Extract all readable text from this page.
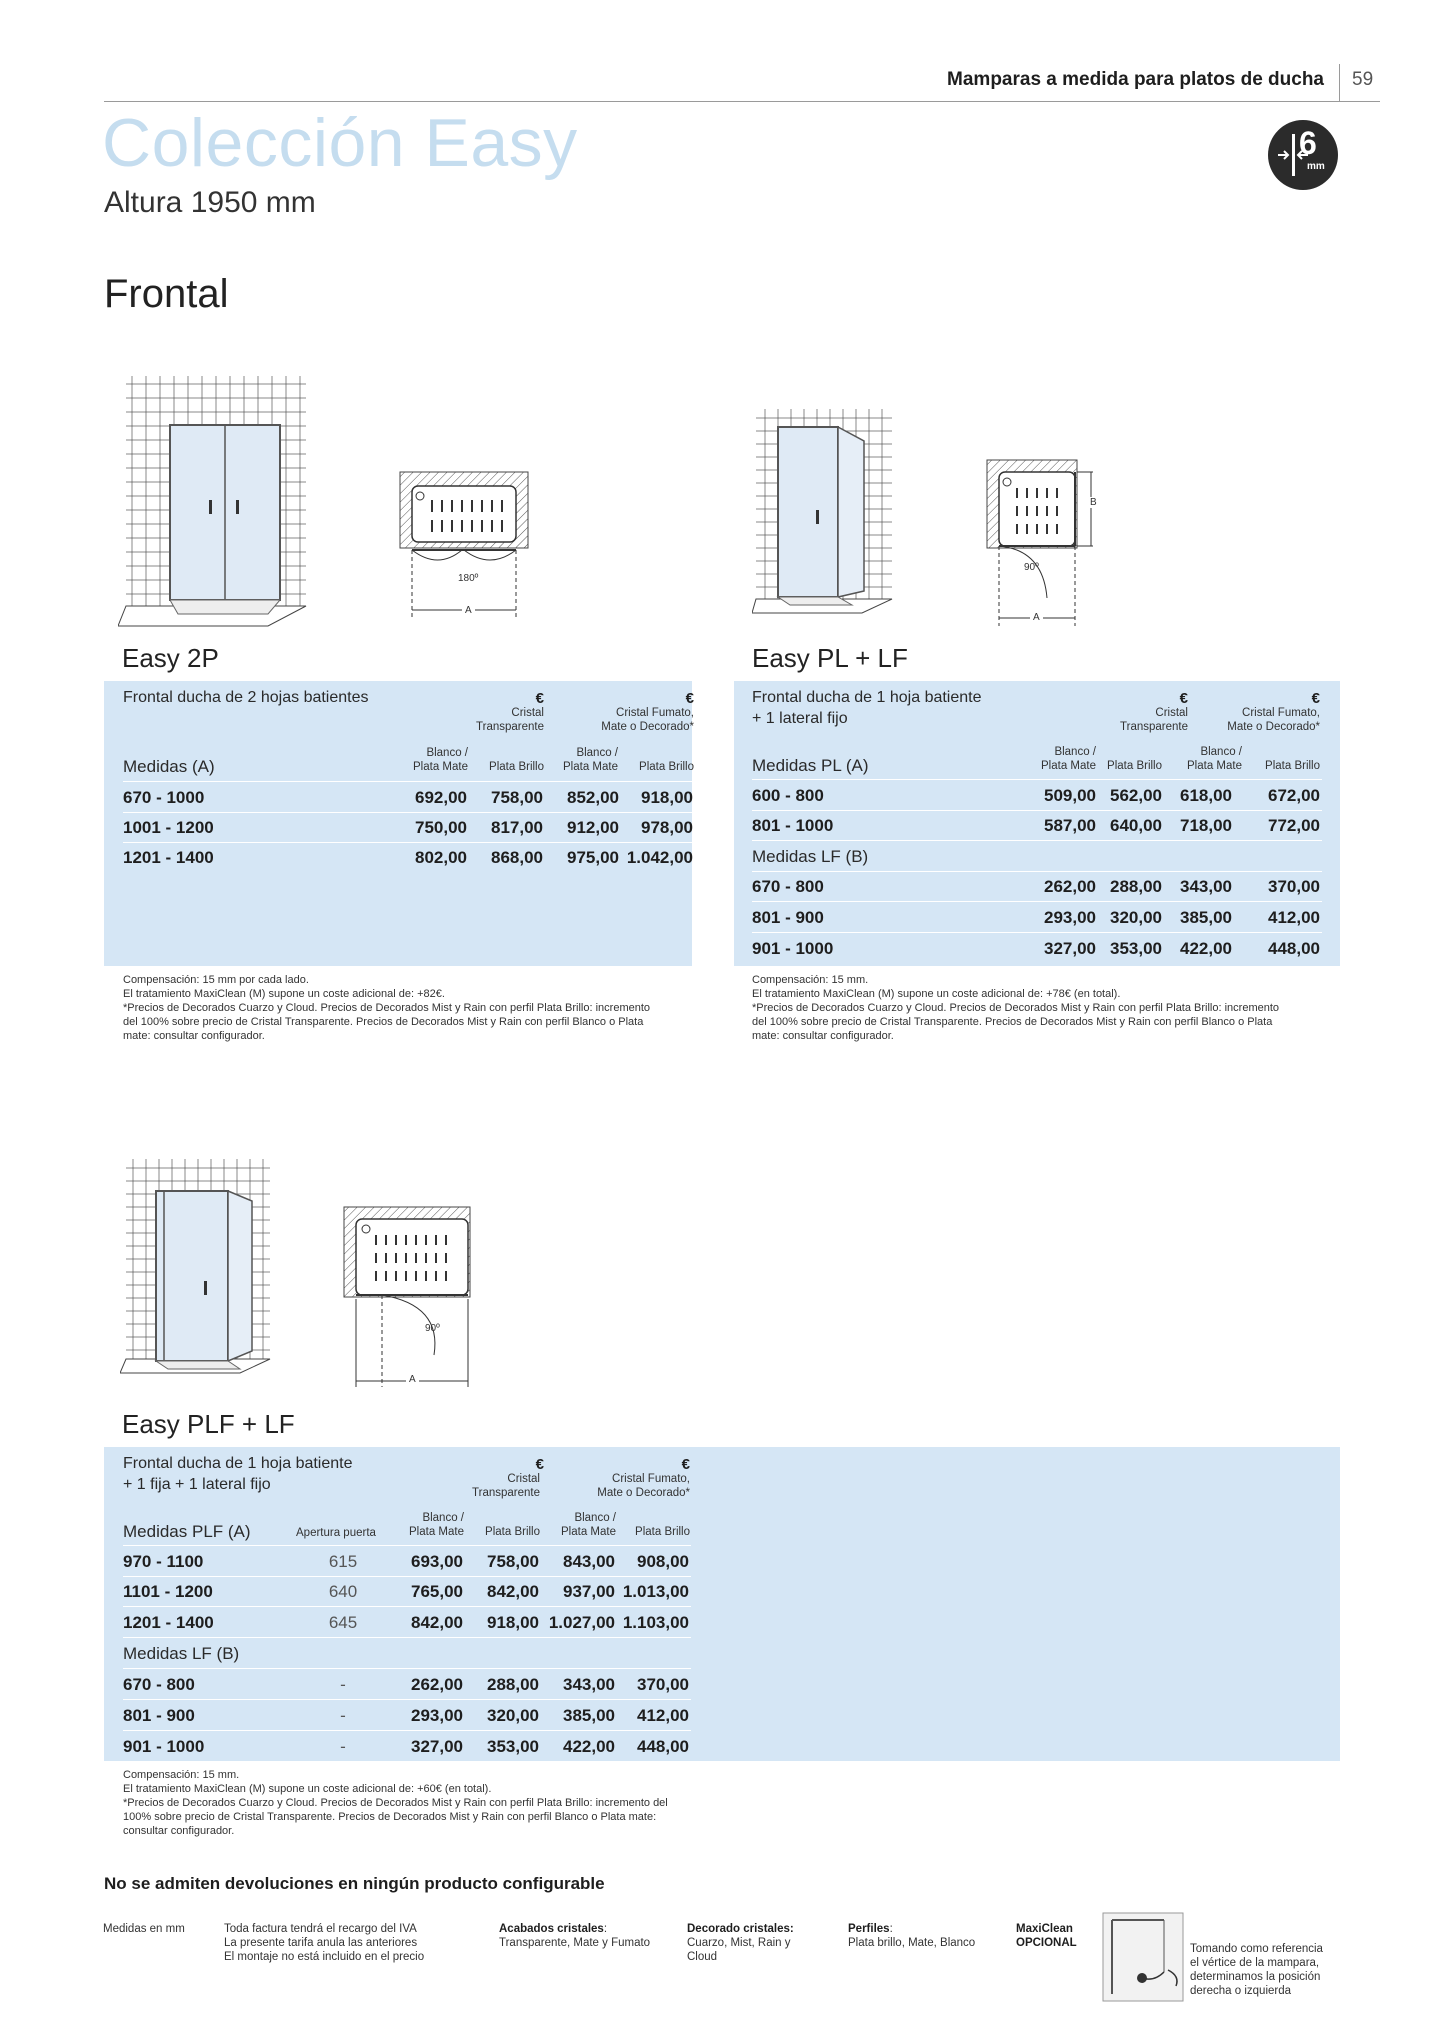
Mamparas a medida para platos de ducha 59
Colección Easy
Altura 1950 mm
Frontal
6
mm
180º
A
90º
A
B
90º
A
Easy 2P
Frontal ducha de 2 hojas batientes	€
Cristal
Transparente
€
Cristal Fumato,
Mate o Decorado*
Medidas (A)
Blanco /
Plata Mate	Plata Brillo
Blanco /
Plata Mate	Plata Brillo
670 - 1000	692,00	758,00	852,00	918,00
1001 - 1200	750,00	817,00	912,00	978,00
1201 - 1400	802,00	868,00	975,00 1.042,00
Compensación: 15 mm por cada lado.
El tratamiento MaxiClean (M) supone un coste adicional de: +82€.
*Precios de Decorados Cuarzo y Cloud. Precios de Decorados Mist y Rain con perfil Plata Brillo: incremento
del 100% sobre precio de Cristal Transparente. Precios de Decorados Mist y Rain con perfil Blanco o Plata
mate: consultar configurador.
Easy PL + LF
Frontal ducha de 1 hoja batiente
+ 1 lateral fijo
€
Cristal
Transparente
€
Cristal Fumato,
Mate o Decorado*
Medidas PL (A)
Blanco /
Plata Mate Plata Brillo
Blanco /
Plata Mate	Plata Brillo
600 - 800	509,00 562,00	618,00	672,00
801 - 1000	587,00 640,00	718,00	772,00
Medidas LF (B)
670 - 800	262,00 288,00	343,00	370,00
801 - 900	293,00 320,00	385,00	412,00
901 - 1000	327,00 353,00	422,00	448,00
Compensación: 15 mm.
El tratamiento MaxiClean (M) supone un coste adicional de: +78€ (en total).
*Precios de Decorados Cuarzo y Cloud. Precios de Decorados Mist y Rain con perfil Plata Brillo: incremento
del 100% sobre precio de Cristal Transparente. Precios de Decorados Mist y Rain con perfil Blanco o Plata
mate: consultar configurador.
Easy PLF + LF
Frontal ducha de 1 hoja batiente
+ 1 fija + 1 lateral fijo
€
Cristal
Transparente
€
Cristal Fumato,
Mate o Decorado*
Medidas PLF (A)	Apertura puerta
Blanco /
Plata Mate	Plata Brillo
Blanco /
Plata Mate	Plata Brillo
970 - 1100	615	693,00	758,00	843,00	908,00
1101 - 1200	640	765,00	842,00	937,00 1.013,00
1201 - 1400	645	842,00	918,00 1.027,00 1.103,00
Medidas LF (B)
670 - 800	-	262,00	288,00	343,00	370,00
801 - 900	-	293,00	320,00	385,00	412,00
901 - 1000	-	327,00	353,00	422,00	448,00
Compensación: 15 mm.
El tratamiento MaxiClean (M) supone un coste adicional de: +60€ (en total).
*Precios de Decorados Cuarzo y Cloud. Precios de Decorados Mist y Rain con perfil Plata Brillo: incremento del
100% sobre precio de Cristal Transparente. Precios de Decorados Mist y Rain con perfil Blanco o Plata mate:
consultar configurador.
No se admiten devoluciones en ningún producto configurable
Medidas en mm	Toda factura tendrá el recargo del IVA
La presente tarifa anula las anteriores
El montaje no está incluido en el precio
Acabados cristales:
Transparente, Mate y Fumato
Decorado cristales:
Cuarzo, Mist, Rain y
Cloud
Perfiles:
Plata brillo, Mate, Blanco
MaxiClean
OPCIONAL	Tomando como referencia
el vértice de la mampara,
determinamos la posición
derecha o izquierda
